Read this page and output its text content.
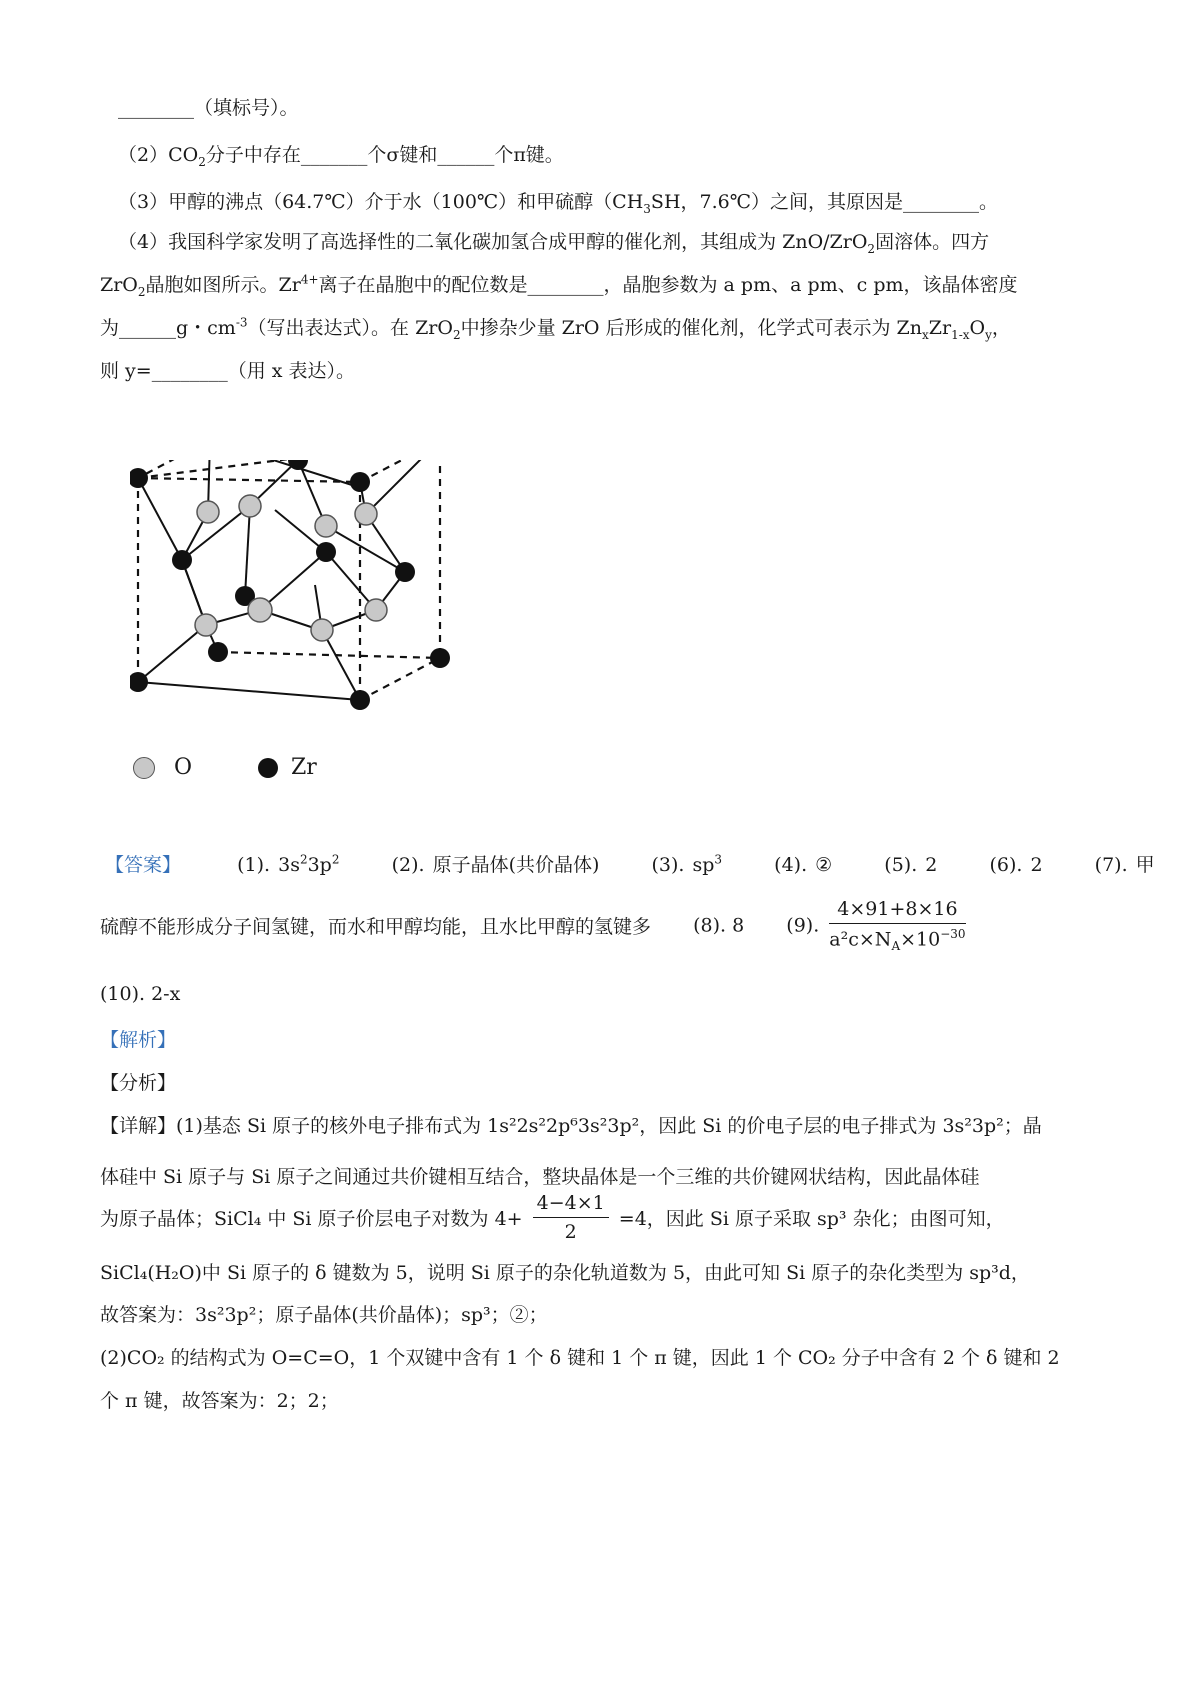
________（填标号）。
$(2)CO_2$分子中存在_______个σ键和______个π键。
（3）甲醇的沸点（64.7℃）介于水（100℃）和甲硫醇（$CH_3SH$，7.6℃）之间，其原因是________。
（4）我国科学家发明了高选择性的二氧化碳加氢合成甲醇的催化剂，其组成为 ZnO/ZrO$_2$固溶体。四方
ZrO$_2$晶胞如图所示。$Zr^{4+}$离子在晶胞中的配位数是________，晶胞参数为 a pm、a pm、c pm，该晶体密度
为______g・$cm^{-3}$（写出表达式）。在 ZrO$_2$中掺杂少量 ZrO 后形成的催化剂，化学式可表示为 $Zn_xZr_{1-x}O_y$，
则 y=________（用 x 表达）。
O	Zr
【答案】	(1). $3s^23p^2$	(2). 原子晶体(共价晶体)	(3). $sp^3$	(4). ②	(5). 2	(6). 2	(7). 甲
硫醇不能形成分子间氢键，而水和甲醇均能，且水比甲醇的氢键多 (8). 8 (9). $\frac{4\times 91+8\times 16}{a^2c\times N_A\times 10^{-30}}$
(10). 2-x
【解析】
【分析】
【详解】(1)基态 Si 原子的核外电子排布式为 1s²2s²2p⁶3s²3p²，因此 Si 的价电子层的电子排式为 3s²3p²；晶
体硅中 Si 原子与 Si 原子之间通过共价键相互结合，整块晶体是一个三维的共价键网状结构，因此晶体硅
为原子晶体；SiCl₄ 中 Si 原子价层电子对数为 $4+ \frac{4-4\times 1}{2} =4$，因此 Si 原子采取 sp³ 杂化；由图可知，
SiCl₄(H₂O)中 Si 原子的 δ 键数为 5，说明 Si 原子的杂化轨道数为 5，由此可知 Si 原子的杂化类型为 sp³d，
故答案为：3s²3p²；原子晶体(共价晶体)；sp³；②；
(2)CO₂ 的结构式为 O=C=O，1 个双键中含有 1 个 δ 键和 1 个 π 键，因此 1 个 CO₂ 分子中含有 2 个 δ 键和 2
个 π 键，故答案为：2；2；
